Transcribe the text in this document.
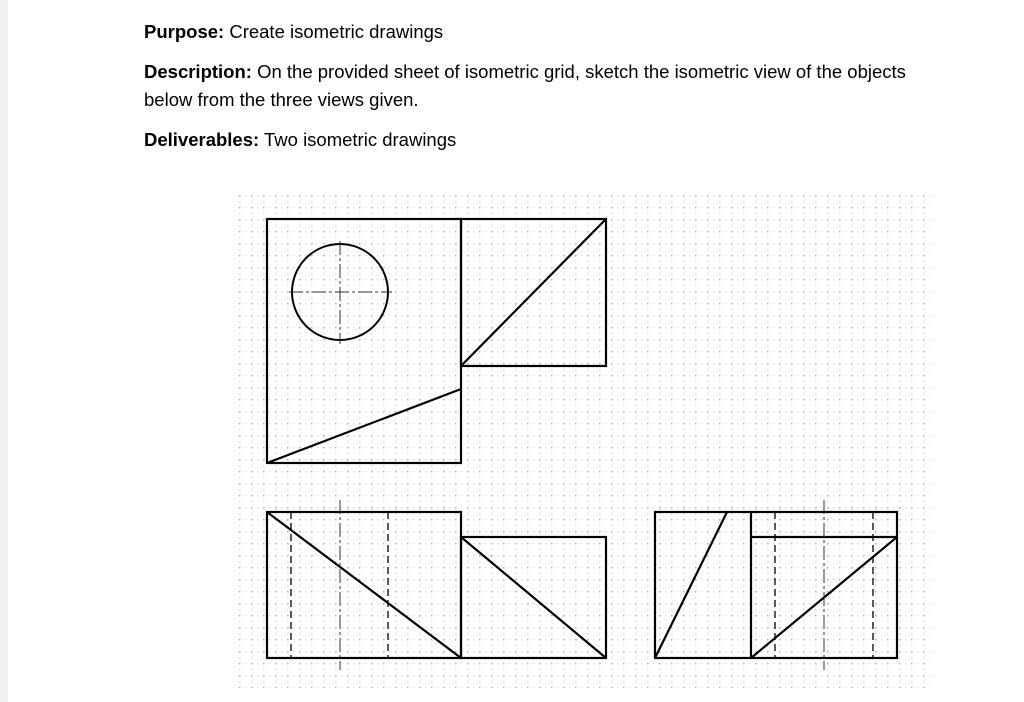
Purpose: Create isometric drawings

Description: On the provided sheet of isometric grid, sketch the isometric view of the objects below from the three views given.

Deliverables: Two isometric drawings
